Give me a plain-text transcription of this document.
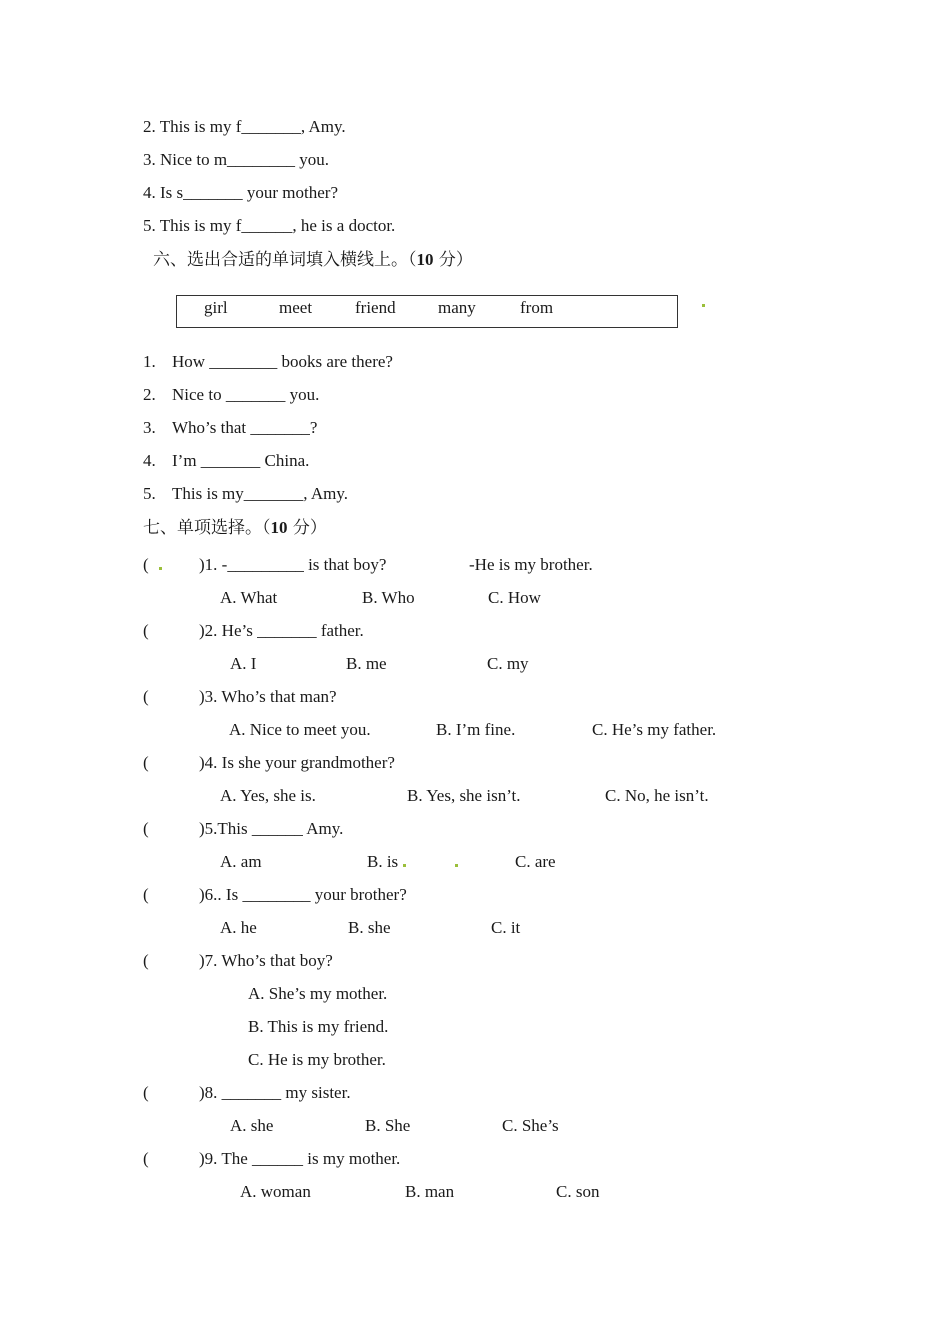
2. This is my f_______, Amy.
3. Nice to m________ you.
4. Is s_______ your mother?
5. This is my f______, he is a doctor.
六、选出合适的单词填入横线上。（10 分）
girl	meet	friend many	from
1. How ________ books are there?
2. Nice to _______ you.
3. Who’s that _______?
4. I’m _______ China.
5. This is my_______, Amy.
七、单项选择。（10 分）
(	)1. -_________ is that boy?	-He is my brother.
A. What	B. Who	C. How
(	)2. He’s _______ father.
A. I	B. me	C. my
(	)3. Who’s that man?
A. Nice to meet you.	B. I’m fine.	C. He’s my father.
(	)4. Is she your grandmother?
A. Yes, she is.	B. Yes, she isn’t.	C. No, he isn’t.
(	)5.This ______ Amy.
A. am	B. is	C. are
(	)6.. Is ________ your brother?
A. he	B. she	C. it
(	)7. Who’s that boy?
A. She’s my mother.
B. This is my friend.
C. He is my brother.
(	)8. _______ my sister.
A. she	B. She	C. She’s
(	)9. The ______ is my mother.
A. woman	B. man	C. son
